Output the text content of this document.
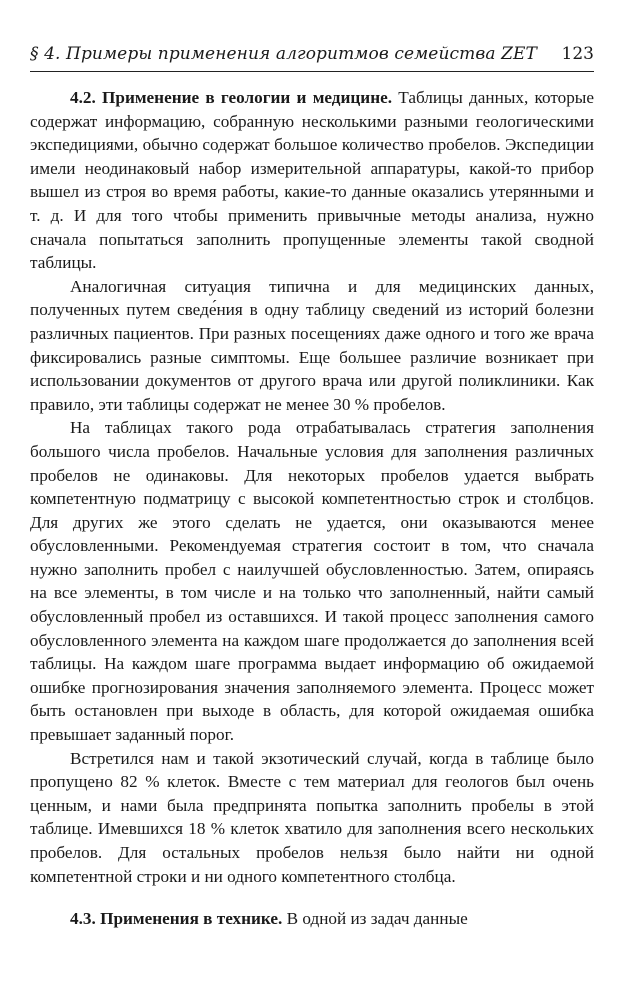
§ 4. Примеры применения алгоритмов семейства ZET 123

4.2. Применение в геологии и медицине. Таблицы данных, которые содержат информацию, собранную несколькими разными геологическими экспедициями, обычно содержат большое количество пробелов. Экспедиции имели неодинаковый набор измерительной аппаратуры, какой-то прибор вышел из строя во время работы, какие-то данные оказались утерянными и т. д. И для того чтобы применить привычные методы анализа, нужно сначала попытаться заполнить пропущенные элементы такой сводной таблицы.

Аналогичная ситуация типична и для медицинских данных, полученных путем сведе́ния в одну таблицу сведений из историй болезни различных пациентов. При разных посещениях даже одного и того же врача фиксировались разные симптомы. Еще большее различие возникает при использовании документов от другого врача или другой поликлиники. Как правило, эти таблицы содержат не менее 30 % пробелов.

На таблицах такого рода отрабатывалась стратегия заполнения большого числа пробелов. Начальные условия для заполнения различных пробелов не одинаковы. Для некоторых пробелов удается выбрать компетентную подматрицу с высокой компетентностью строк и столбцов. Для других же этого сделать не удается, они оказываются менее обусловленными. Рекомендуемая стратегия состоит в том, что сначала нужно заполнить пробел с наилучшей обусловленностью. Затем, опираясь на все элементы, в том числе и на только что заполненный, найти самый обусловленный пробел из оставшихся. И такой процесс заполнения самого обусловленного элемента на каждом шаге продолжается до заполнения всей таблицы. На каждом шаге программа выдает информацию об ожидаемой ошибке прогнозирования значения заполняемого элемента. Процесс может быть остановлен при выходе в область, для которой ожидаемая ошибка превышает заданный порог.

Встретился нам и такой экзотический случай, когда в таблице было пропущено 82 % клеток. Вместе с тем материал для геологов был очень ценным, и нами была предпринята попытка заполнить пробелы в этой таблице. Имевшихся 18 % клеток хватило для заполнения всего нескольких пробелов. Для остальных пробелов нельзя было найти ни одной компетентной строки и ни одного компетентного столбца.

4.3. Применения в технике. В одной из задач данные
